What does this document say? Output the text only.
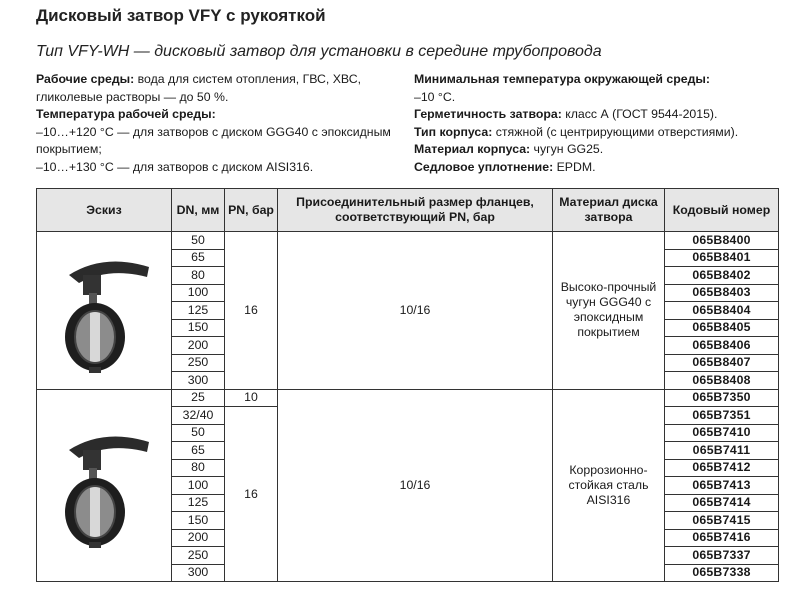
Дисковый затвор VFY с рукояткой
Тип VFY-WH — дисковый затвор для установки в середине трубопровода
Рабочие среды: вода для систем отопления, ГВС, ХВС, гликолевые растворы — до 50 %.
Температура рабочей среды:
–10…+120 °С — для затворов с диском GGG40 с эпоксидным покрытием;
–10…+130 °С — для затворов с диском AISI316.
Минимальная температура окружающей среды:
–10 °С.
Герметичность затвора: класс А (ГОСТ 9544-2015).
Тип корпуса: стяжной (с центрирующими отверстиями).
Материал корпуса: чугун GG25.
Седловое уплотнение: EPDM.
Эскиз	DN, мм	PN, бар	Присоединительный размер фланцев, соответствующий PN, бар	Материал диска затвора	Кодовый номер

	50	16	10/16	Высоко-прочный чугун GGG40 с эпоксидным покрытием	065B8400
	65				065B8401
	80				065B8402
	100				065B8403
	125				065B8404
	150				065B8405
	200				065B8406
	250				065B8407
	300				065B8408

	25	10	10/16	Коррозионно-стойкая сталь AISI316	065B7350
	32/40	16			065B7351
	50				065B7410
	65				065B7411
	80				065B7412
	100				065B7413
	125				065B7414
	150				065B7415
	200				065B7416
	250				065B7337
	300				065B7338
